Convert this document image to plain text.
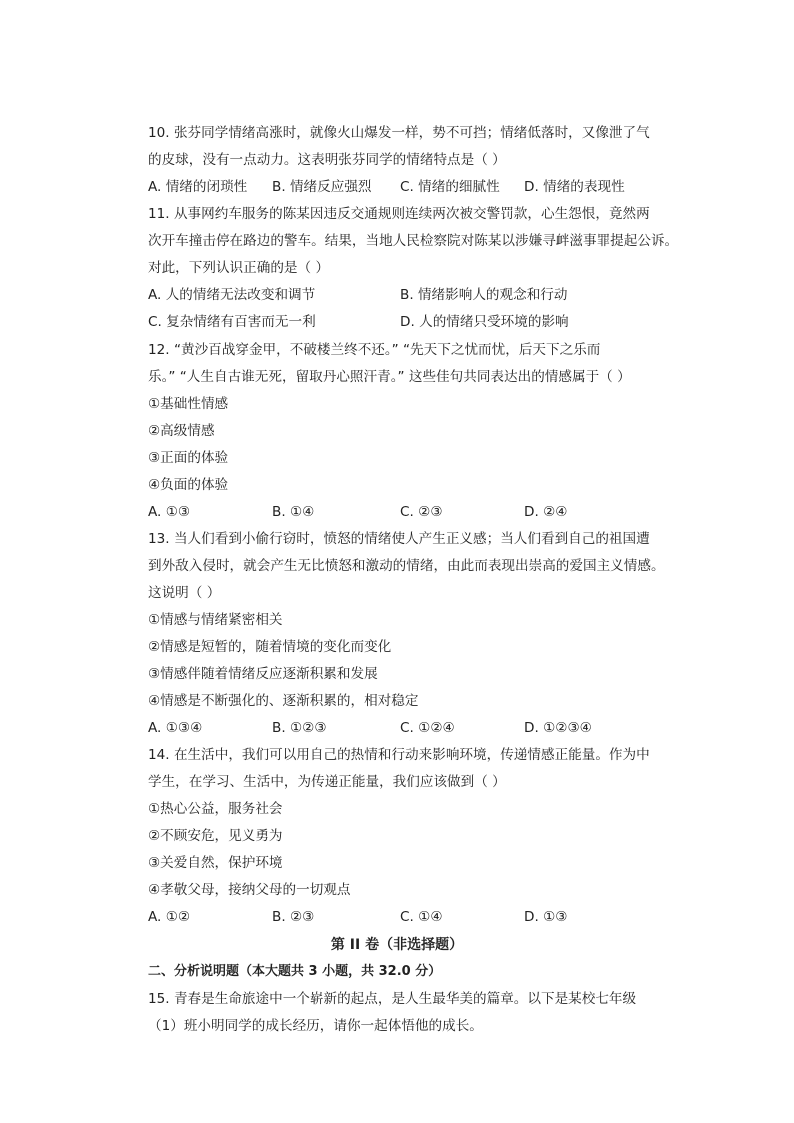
10. 张芬同学情绪高涨时，就像火山爆发一样，势不可挡；情绪低落时，又像泄了气
的皮球，没有一点动力。这表明张芬同学的情绪特点是（ ）
A. 情绪的闭琐性 B. 情绪反应强烈 C. 情绪的细腻性 D. 情绪的表现性
11. 从事网约车服务的陈某因违反交通规则连续两次被交警罚款，心生怨恨，竟然两
次开车撞击停在路边的警车。结果，当地人民检察院对陈某以涉嫌寻衅滋事罪提起公诉。
对此，下列认识正确的是（ ）
A. 人的情绪无法改变和调节	B. 情绪影响人的观念和行动
C. 复杂情绪有百害而无一利	D. 人的情绪只受环境的影响
12. “黄沙百战穿金甲，不破楼兰终不还。” “先天下之忧而忧，后天下之乐而
乐。” “人生自古谁无死，留取丹心照汗青。” 这些佳句共同表达出的情感属于（ ）
①基础性情感
②高级情感
③正面的体验
④负面的体验
A. ①③	B. ①④	C. ②③	D. ②④
13. 当人们看到小偷行窃时，愤怒的情绪使人产生正义感；当人们看到自己的祖国遭
到外敌入侵时，就会产生无比愤怒和激动的情绪，由此而表现出崇高的爱国主义情感。
这说明（ ）
①情感与情绪紧密相关
②情感是短暂的，随着情境的变化而变化
③情感伴随着情绪反应逐渐积累和发展
④情感是不断强化的、逐渐积累的，相对稳定
A. ①③④	B. ①②③	C. ①②④	D. ①②③④
14. 在生活中，我们可以用自己的热情和行动来影响环境，传递情感正能量。作为中
学生，在学习、生活中，为传递正能量，我们应该做到（ ）
①热心公益，服务社会
②不顾安危，见义勇为
③关爱自然，保护环境
④孝敬父母，接纳父母的一切观点
A. ①②	B. ②③	C. ①④	D. ①③
第 II 卷（非选择题）
二、分析说明题（本大题共 3 小题，共 32.0 分）
15. 青春是生命旅途中一个崭新的起点，是人生最华美的篇章。以下是某校七年级
（1）班小明同学的成长经历，请你一起体悟他的成长。
